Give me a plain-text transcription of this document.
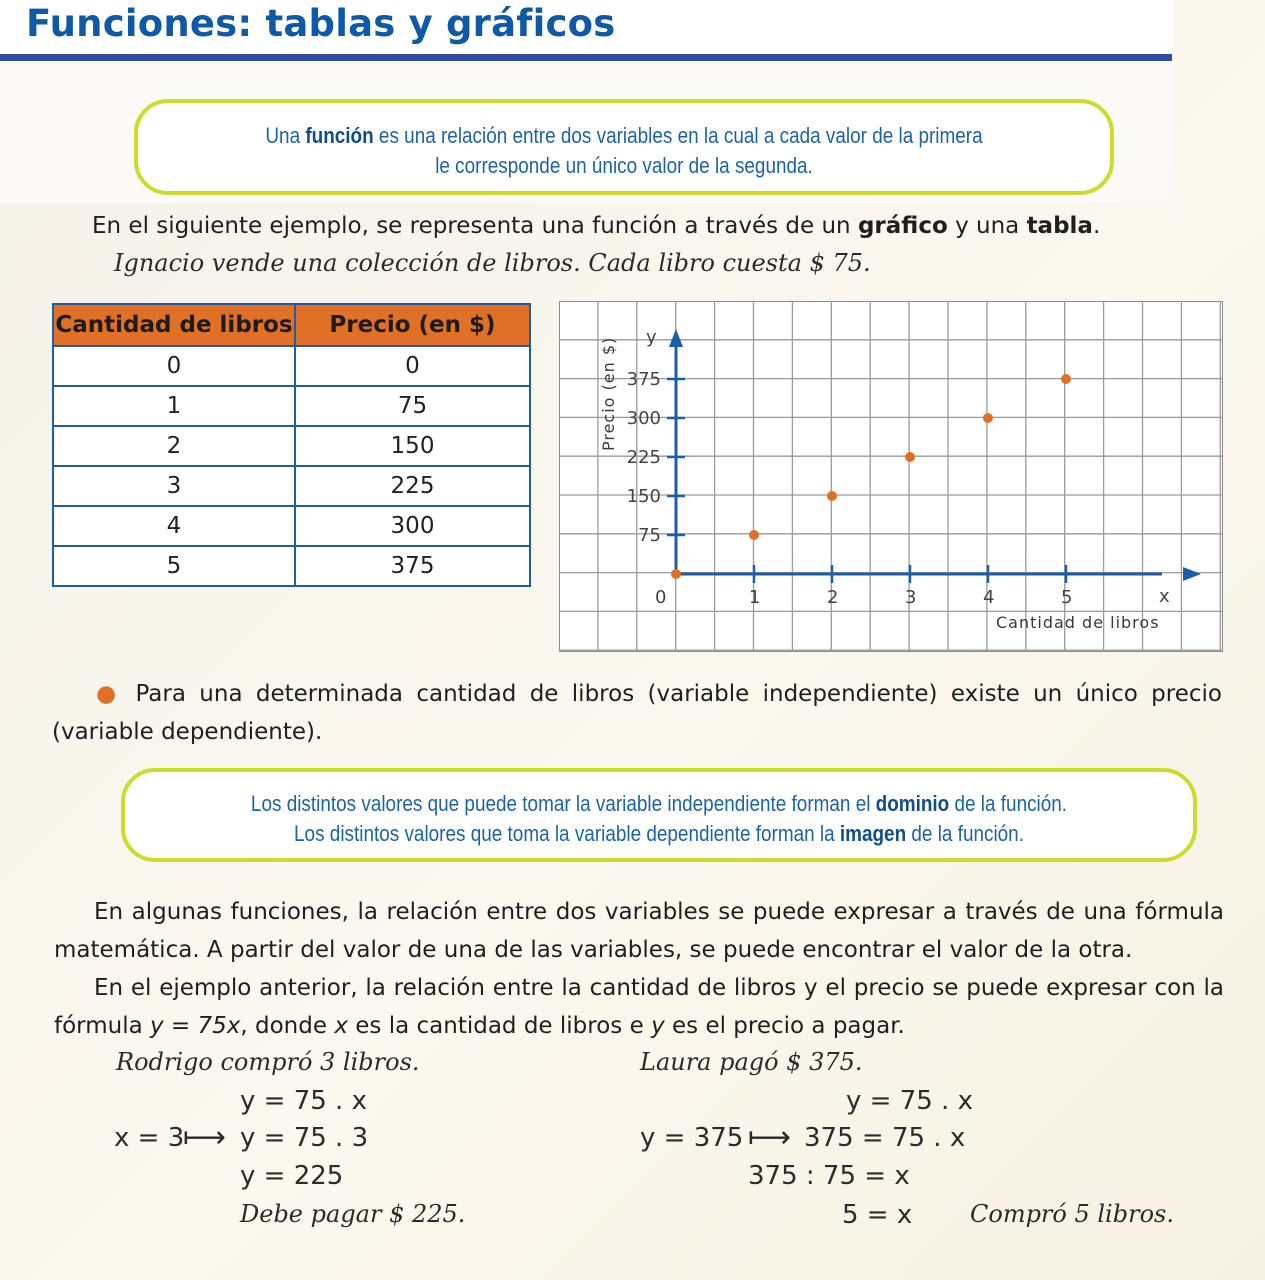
Funciones: tablas y gráficos
Una función es una relación entre dos variables en la cual a cada valor de la primera
le corresponde un único valor de la segunda.
En el siguiente ejemplo, se representa una función a través de un gráfico y una tabla.
Ignacio vende una colección de libros. Cada libro cuesta $ 75.
Cantidad de libros	Precio (en $)
0	0
1	75
2	150
3	225
4	300
5	375
1	2	3	4	5
75
150
225
300
375
Precio (en $)
Cantidad de libros
y
x
0
● Para una determinada cantidad de libros (variable independiente) existe un único precio (variable dependiente).
Los distintos valores que puede tomar la variable independiente forman el dominio de la función.
Los distintos valores que toma la variable dependiente forman la imagen de la función.
En algunas funciones, la relación entre dos variables se puede expresar a través de una fórmula matemática. A partir del valor de una de las variables, se puede encontrar el valor de la otra.
En el ejemplo anterior, la relación entre la cantidad de libros y el precio se puede expresar con la fórmula y = 75x, donde x es la cantidad de libros e y es el precio a pagar.
Rodrigo compró 3 libros.
y = 75 . x
x = 3
⟼ y = 75 . 3
y = 225
Debe pagar $ 225.
Laura pagó $ 375.
y = 75 . x
y = 375 ⟼ 375 = 75 . x
375 : 75 = x
5 = x Compró 5 libros.
